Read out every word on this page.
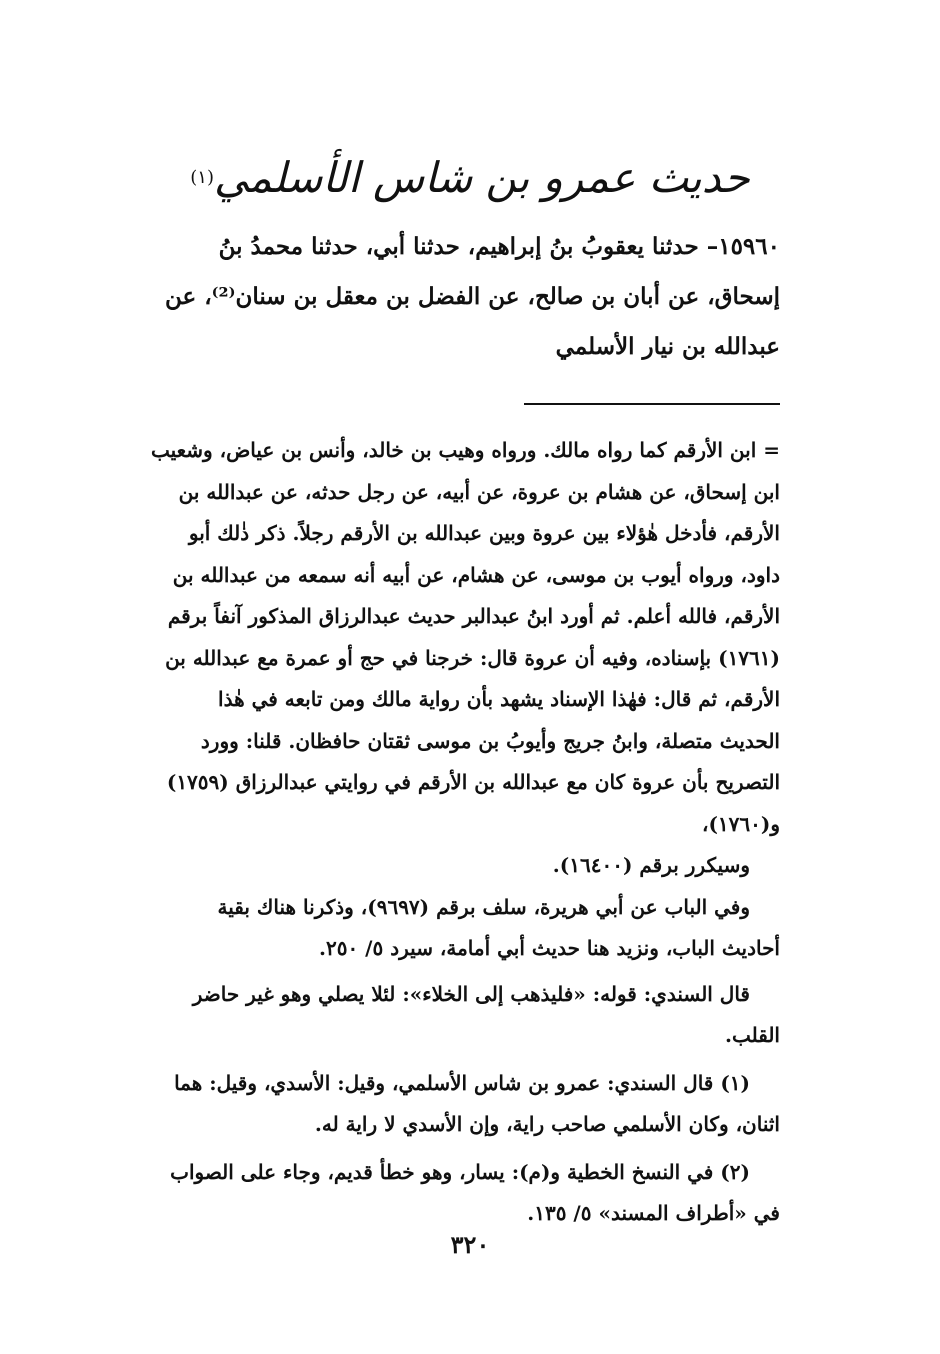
حديث عمرو بن شاس الأسلمي$^{(١)}$
١٥٩٦٠– حدثنا يعقوبُ بنُ إبراهيم، حدثنا أبي، حدثنا محمدُ بنُ
إسحاق، عن أبان بن صالح، عن الفضل بن معقل بن سنان⁽²⁾، عن
عبدالله بن نيار الأسلمي

= ابن الأرقم كما رواه مالك. ورواه وهيب بن خالد، وأنس بن عياض، وشعيب
ابن إسحاق، عن هشام بن عروة، عن أبيه، عن رجل حدثه، عن عبدالله بن
الأرقم، فأدخل هٰؤلاء بين عروة وبين عبدالله بن الأرقم رجلاً. ذكر ذٰلك أبو
داود، ورواه أيوب بن موسى، عن هشام، عن أبيه أنه سمعه من عبدالله بن
الأرقم، فالله أعلم. ثم أورد ابنُ عبدالبر حديث عبدالرزاق المذكور آنفاً برقم
(١٧٦١) بإسناده، وفيه أن عروة قال: خرجنا في حج أو عمرة مع عبدالله بن
الأرقم، ثم قال: فهٰذا الإسناد يشهد بأن رواية مالك ومن تابعه في هٰذا
الحديث متصلة، وابنُ جريج وأيوبُ بن موسى ثقتان حافظان. قلنا: وورد
التصريح بأن عروة كان مع عبدالله بن الأرقم في روايتي عبدالرزاق (١٧٥٩)
و(١٧٦٠)،

وسيكرر برقم (١٦٤٠٠).

وفي الباب عن أبي هريرة، سلف برقم (٩٦٩٧)، وذكرنا هناك بقية
أحاديث الباب، ونزيد هنا حديث أبي أمامة، سيرد ٥/ ٢٥٠.

قال السندي: قوله: «فليذهب إلى الخلاء»: لئلا يصلي وهو غير حاضر
القلب.

(١) قال السندي: عمرو بن شاس الأسلمي، وقيل: الأسدي، وقيل: هما
اثنان، وكان الأسلمي صاحب راية، وإن الأسدي لا راية له.

(٢) في النسخ الخطية و(م): يسار، وهو خطأ قديم، وجاء على الصواب
في «أطراف المسند» ٥/ ١٣٥.

٣٢٠
